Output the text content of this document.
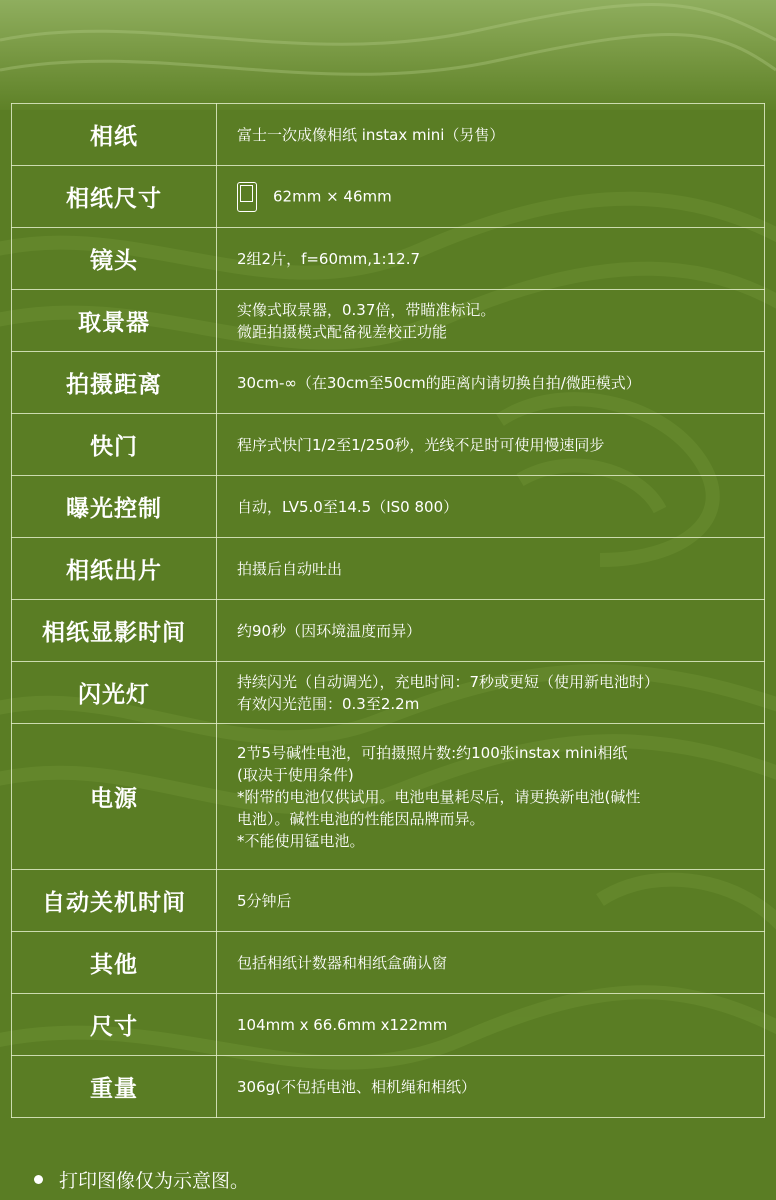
相纸	富士一次成像相纸 instax mini（另售）

相纸尺寸	62mm × 46mm
镜头	2组2片，f=60mm,1:12.7

取景器	实像式取景器，0.37倍，带瞄准标记。
微距拍摄模式配备视差校正功能

拍摄距离	30cm-∞（在30cm至50cm的距离内请切换自拍/微距模式）

快门	程序式快门1/2至1/250秒，光线不足时可使用慢速同步

曝光控制	自动，LV5.0至14.5（IS0 800）

相纸出片	拍摄后自动吐出

相纸显影时间	约90秒（因环境温度而异）

闪光灯	持续闪光（自动调光），充电时间：7秒或更短（使用新电池时）
有效闪光范围：0.3至2.2m

电源	2节5号碱性电池，可拍摄照片数:约100张instax mini相纸
(取决于使用条件)
*附带的电池仅供试用。电池电量耗尽后，请更换新电池(碱性
电池）。碱性电池的性能因品牌而异。
*不能使用锰电池。

自动关机时间	5分钟后

其他	包括相纸计数器和相纸盒确认窗

尺寸	104mm x 66.6mm x122mm

重量	306g(不包括电池、相机绳和相纸）
打印图像仅为示意图。
